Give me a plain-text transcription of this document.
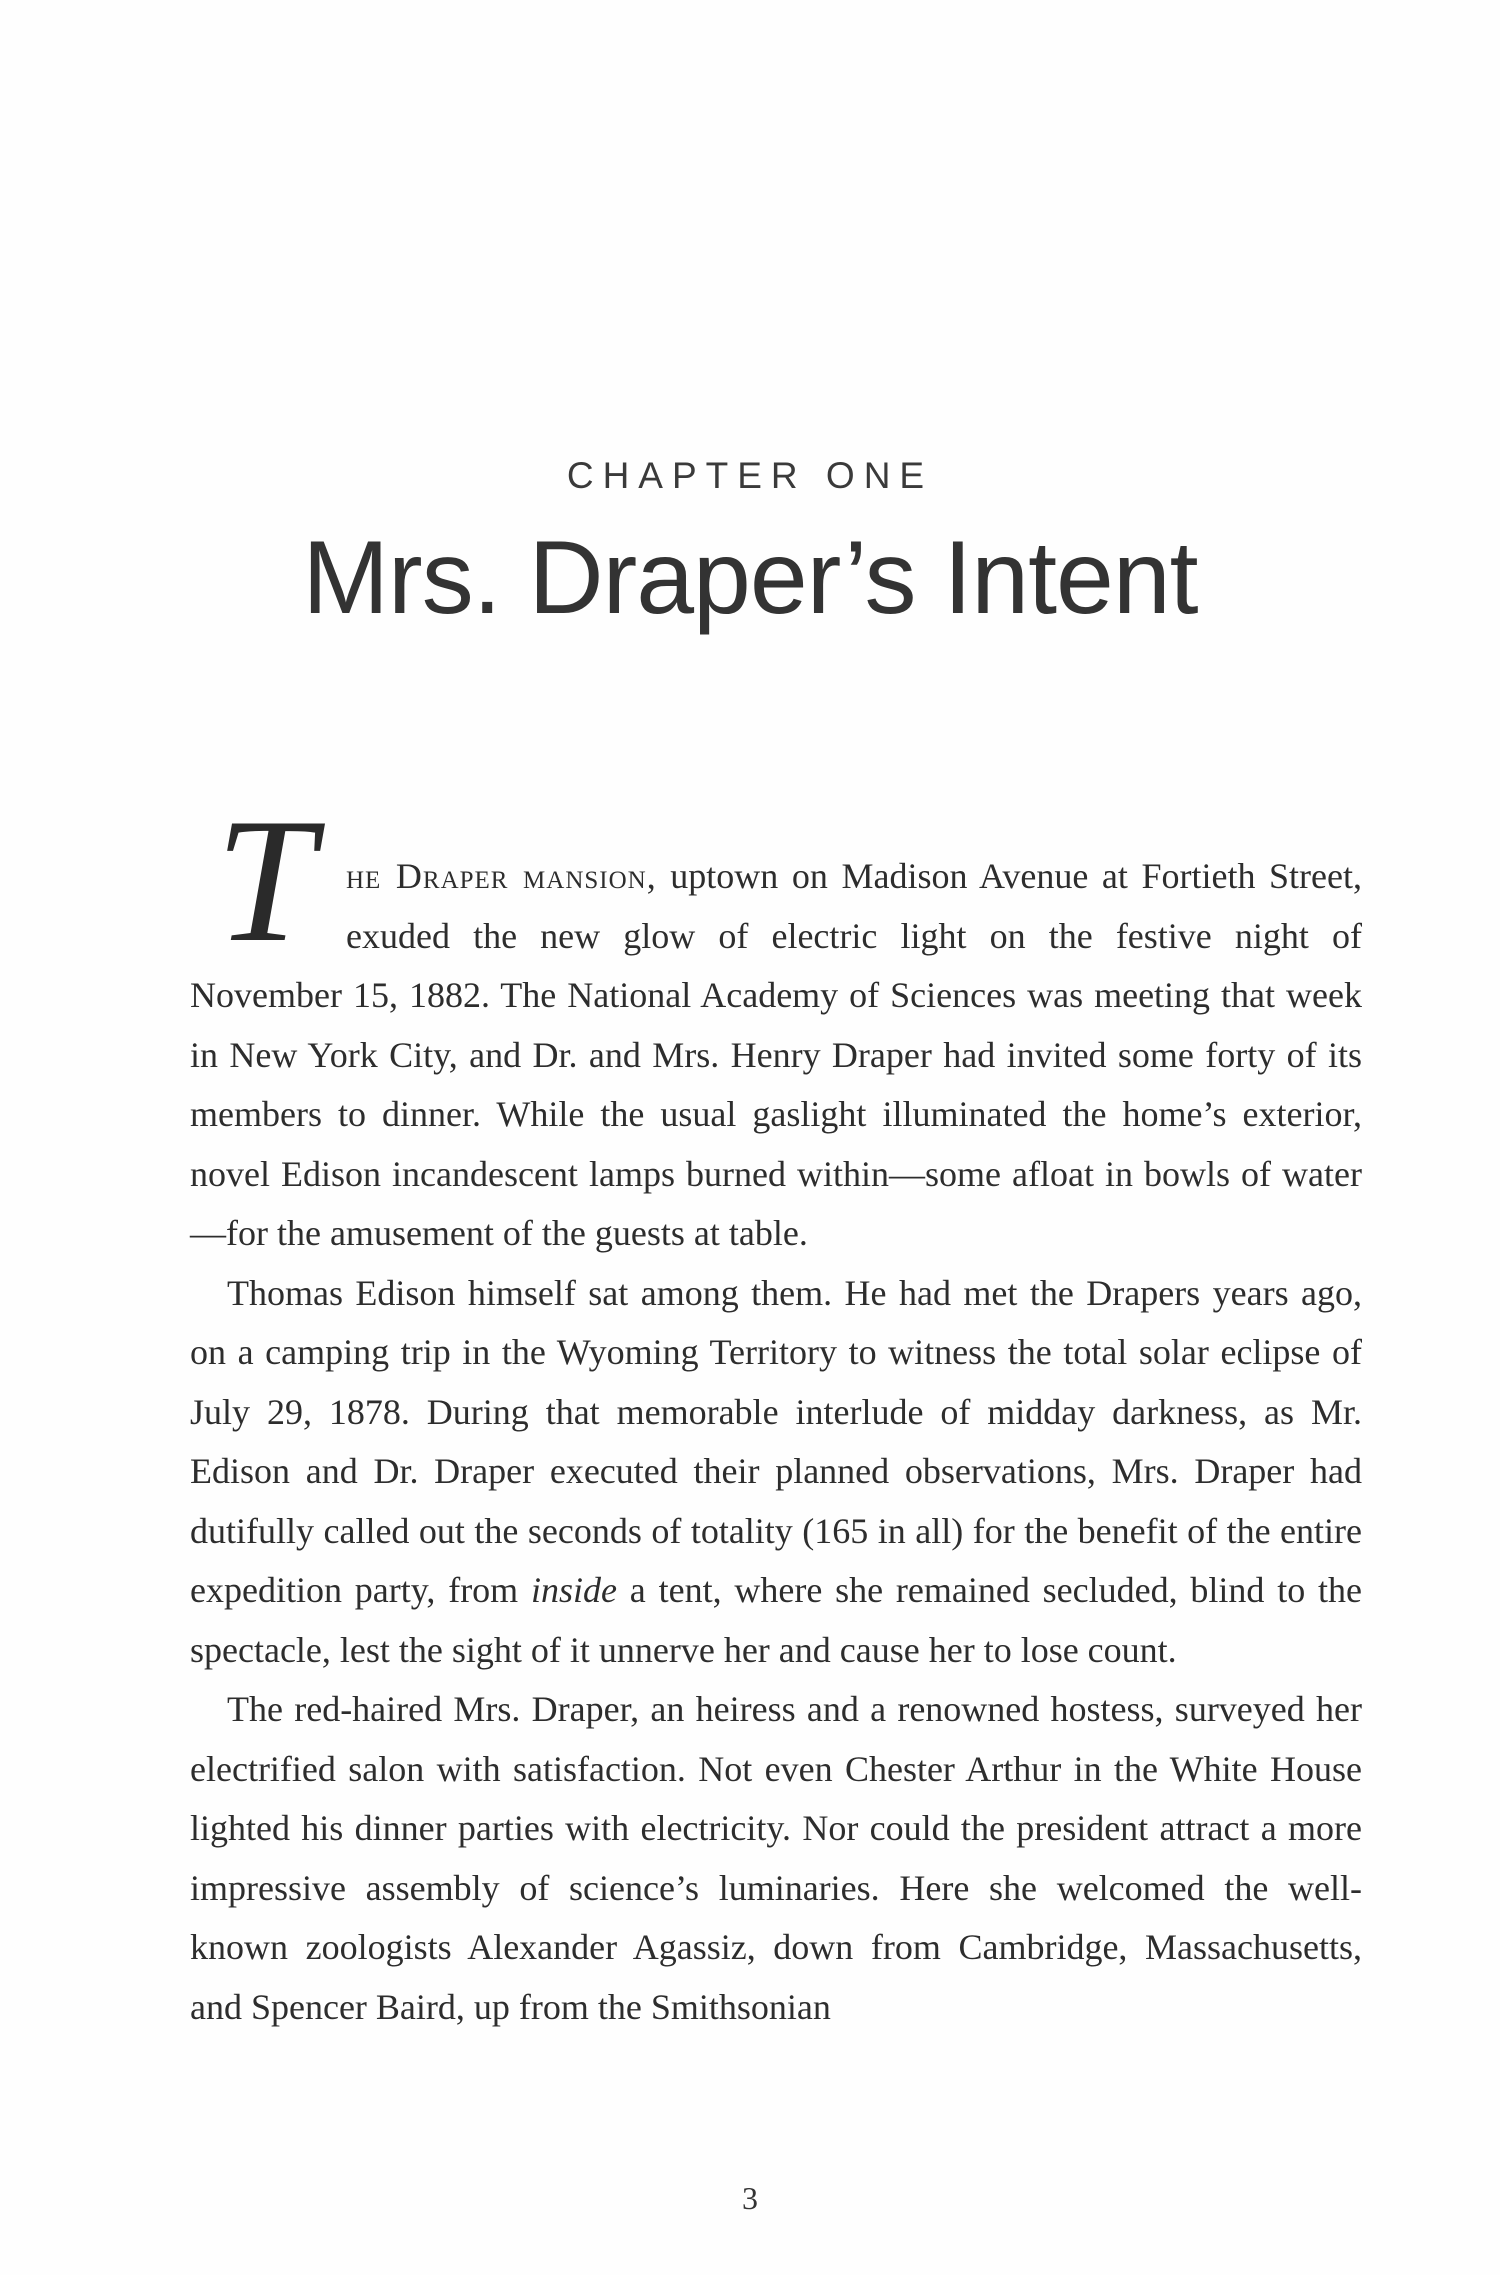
CHAPTER ONE
Mrs. Draper’s Intent

The Draper mansion, uptown on Madison Avenue at Fortieth Street, exuded the new glow of electric light on the festive night of November 15, 1882. The National Academy of Sciences was meeting that week in New York City, and Dr. and Mrs. Henry Draper had invited some forty of its members to dinner. While the usual gaslight illuminated the home’s exterior, novel Edison incandescent lamps burned within—some afloat in bowls of water—for the amusement of the guests at table.

Thomas Edison himself sat among them. He had met the Drapers years ago, on a camping trip in the Wyoming Territory to witness the total solar eclipse of July 29, 1878. During that memorable interlude of midday darkness, as Mr. Edison and Dr. Draper executed their planned observations, Mrs. Draper had dutifully called out the seconds of totality (165 in all) for the benefit of the entire expedition party, from inside a tent, where she remained secluded, blind to the spectacle, lest the sight of it unnerve her and cause her to lose count.

The red-haired Mrs. Draper, an heiress and a renowned hostess, surveyed her electrified salon with satisfaction. Not even Chester Arthur in the White House lighted his dinner parties with electricity. Nor could the president attract a more impressive assembly of science’s luminaries. Here she welcomed the well-known zoologists Alexander Agassiz, down from Cambridge, Massachusetts, and Spencer Baird, up from the Smithsonian

3
